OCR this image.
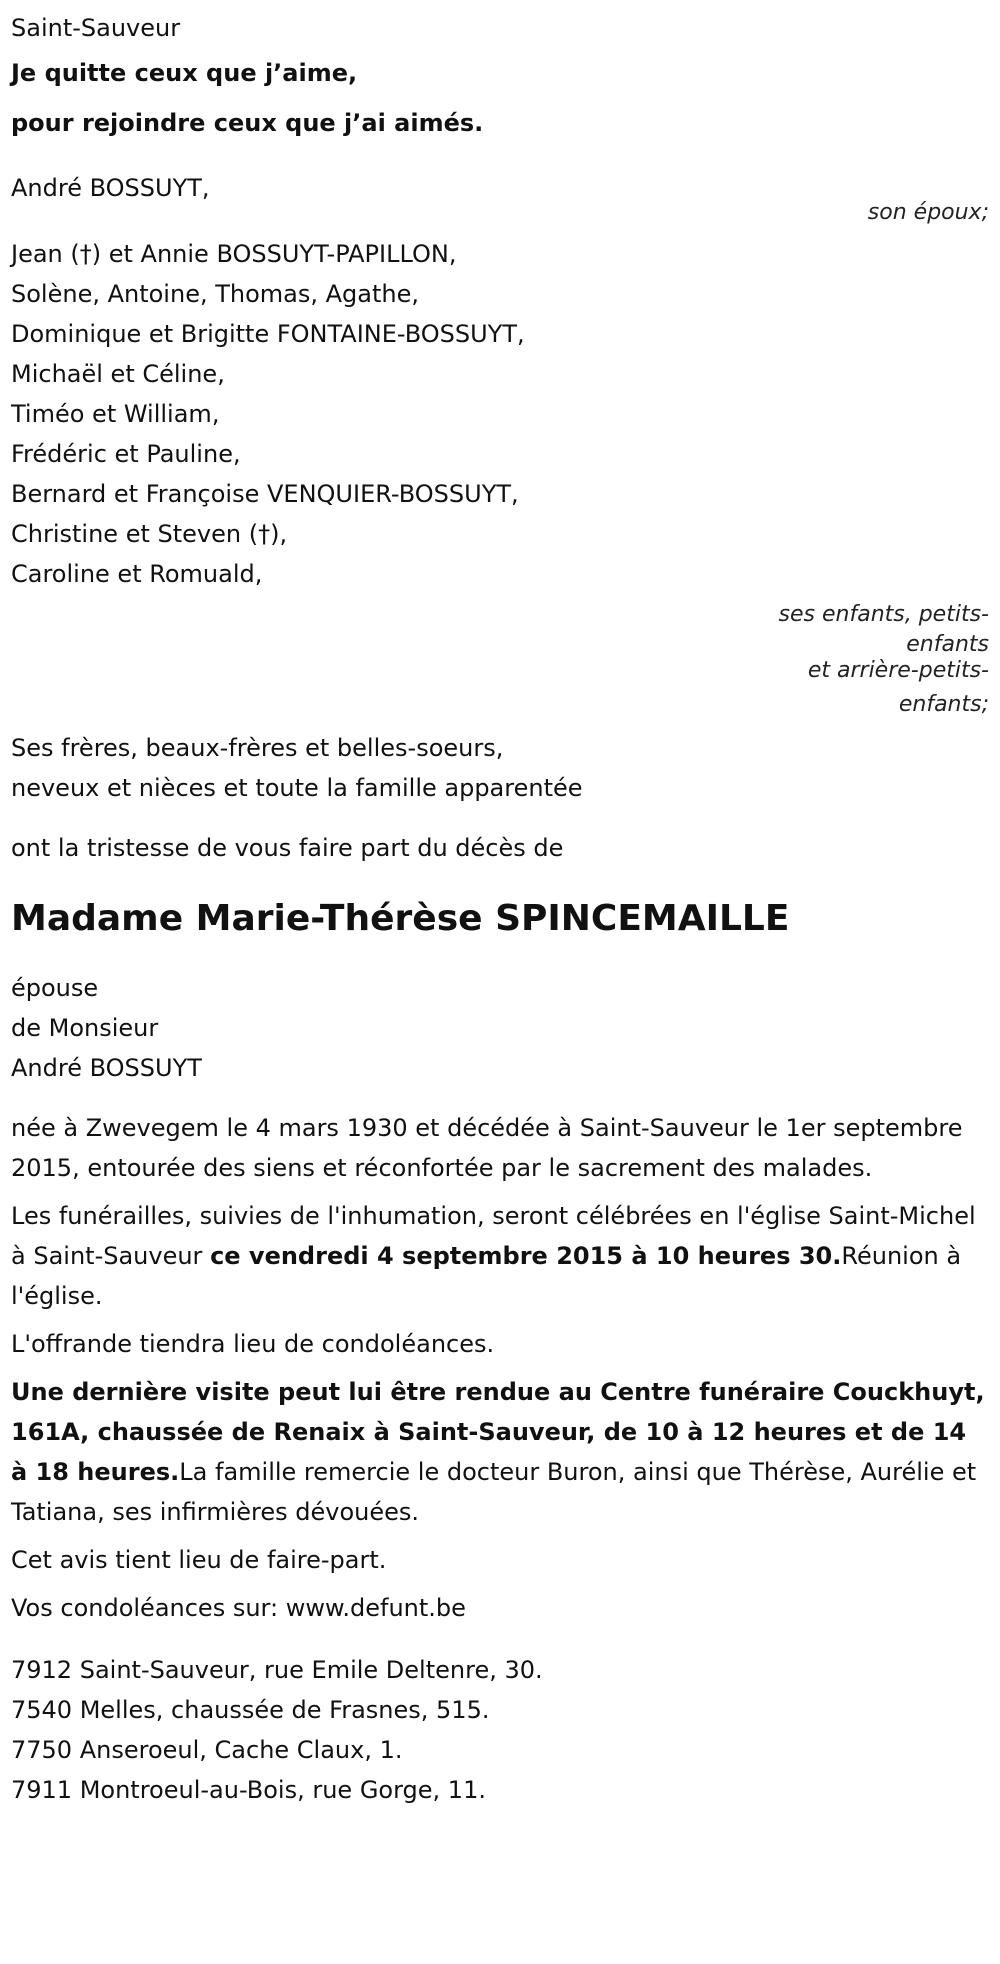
Saint-Sauveur

Je quitte ceux que j’aime,

pour rejoindre ceux que j’ai aimés.

André BOSSUYT,

son époux;

Jean (†) et Annie BOSSUYT-PAPILLON,

Solène, Antoine, Thomas, Agathe,

Dominique et Brigitte FONTAINE-BOSSUYT,

Michaël et Céline,

Timéo et William,

Frédéric et Pauline,

Bernard et Françoise VENQUIER-BOSSUYT,

Christine et Steven (†),

Caroline et Romuald,

ses enfants, petits-

enfants

et arrière-petits-

enfants;

Ses frères, beaux-frères et belles-soeurs,

neveux et nièces et toute la famille apparentée

ont la tristesse de vous faire part du décès de

Madame Marie-Thérèse SPINCEMAILLE

épouse

de Monsieur

André BOSSUYT

née à Zwevegem le 4 mars 1930 et décédée à Saint-Sauveur le 1er septembre 2015, entourée des siens et réconfortée par le sacrement des malades.

Les funérailles, suivies de l'inhumation, seront célébrées en l'église Saint-Michel à Saint-Sauveur ce vendredi 4 septembre 2015 à 10 heures 30.Réunion à l'église.

L'offrande tiendra lieu de condoléances.

Une dernière visite peut lui être rendue au Centre funéraire Couckhuyt, 161A, chaussée de Renaix à Saint-Sauveur, de 10 à 12 heures et de 14 à 18 heures.La famille remercie le docteur Buron, ainsi que Thérèse, Aurélie et Tatiana, ses infirmières dévouées.

Cet avis tient lieu de faire-part.

Vos condoléances sur: www.defunt.be

7912 Saint-Sauveur, rue Emile Deltenre, 30.

7540 Melles, chaussée de Frasnes, 515.

7750 Anseroeul, Cache Claux, 1.

7911 Montroeul-au-Bois, rue Gorge, 11.
